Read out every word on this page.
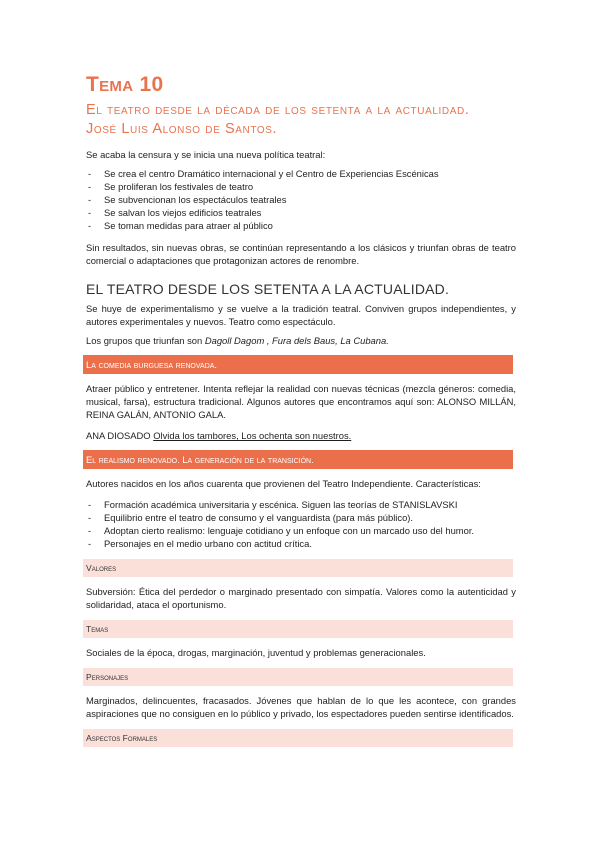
Tema 10
El teatro desde la década de los setenta a la actualidad.
José Luis Alonso de Santos.

Se acaba la censura y se inicia una nueva política teatral:

- Se crea el centro Dramático internacional y el Centro de Experiencias Escénicas
- Se proliferan los festivales de teatro
- Se subvencionan los espectáculos teatrales
- Se salvan los viejos edificios teatrales
- Se toman medidas para atraer al público

Sin resultados, sin nuevas obras, se continúan representando a los clásicos y triunfan obras de teatro comercial o adaptaciones que protagonizan actores de renombre.

EL TEATRO DESDE LOS SETENTA A LA ACTUALIDAD.

Se huye de experimentalismo y se vuelve a la tradición teatral. Conviven grupos independientes, y autores experimentales y nuevos. Teatro como espectáculo.

Los grupos que triunfan son Dagoll Dagom , Fura dels Baus, La Cubana.

La comedia burguesa renovada.

Atraer público y entretener. Intenta reflejar la realidad con nuevas técnicas (mezcla géneros: comedia, musical, farsa), estructura tradicional. Algunos autores que encontramos aquí son: ALONSO MILLÁN, REINA GALÁN, ANTONIO GALA.

ANA DIOSADO Olvida los tambores, Los ochenta son nuestros.

El realismo renovado. La generación de la transición.

Autores nacidos en los años cuarenta que provienen del Teatro Independiente. Características:

- Formación académica universitaria y escénica. Siguen las teorías de STANISLAVSKI
- Equilibrio entre el teatro de consumo y el vanguardista (para más público).
- Adoptan cierto realismo: lenguaje cotidiano y un enfoque con un marcado uso del humor.
- Personajes en el medio urbano con actitud crítica.
Valores

Subversión: Ética del perdedor o marginado presentado con simpatía. Valores como la autenticidad y solidaridad, ataca el oportunismo.

Temas

Sociales de la época, drogas, marginación, juventud y problemas generacionales.

Personajes

Marginados, delincuentes, fracasados. Jóvenes que hablan de lo que les acontece, con grandes aspiraciones que no consiguen en lo público y privado, los espectadores pueden sentirse identificados.

Aspectos Formales
